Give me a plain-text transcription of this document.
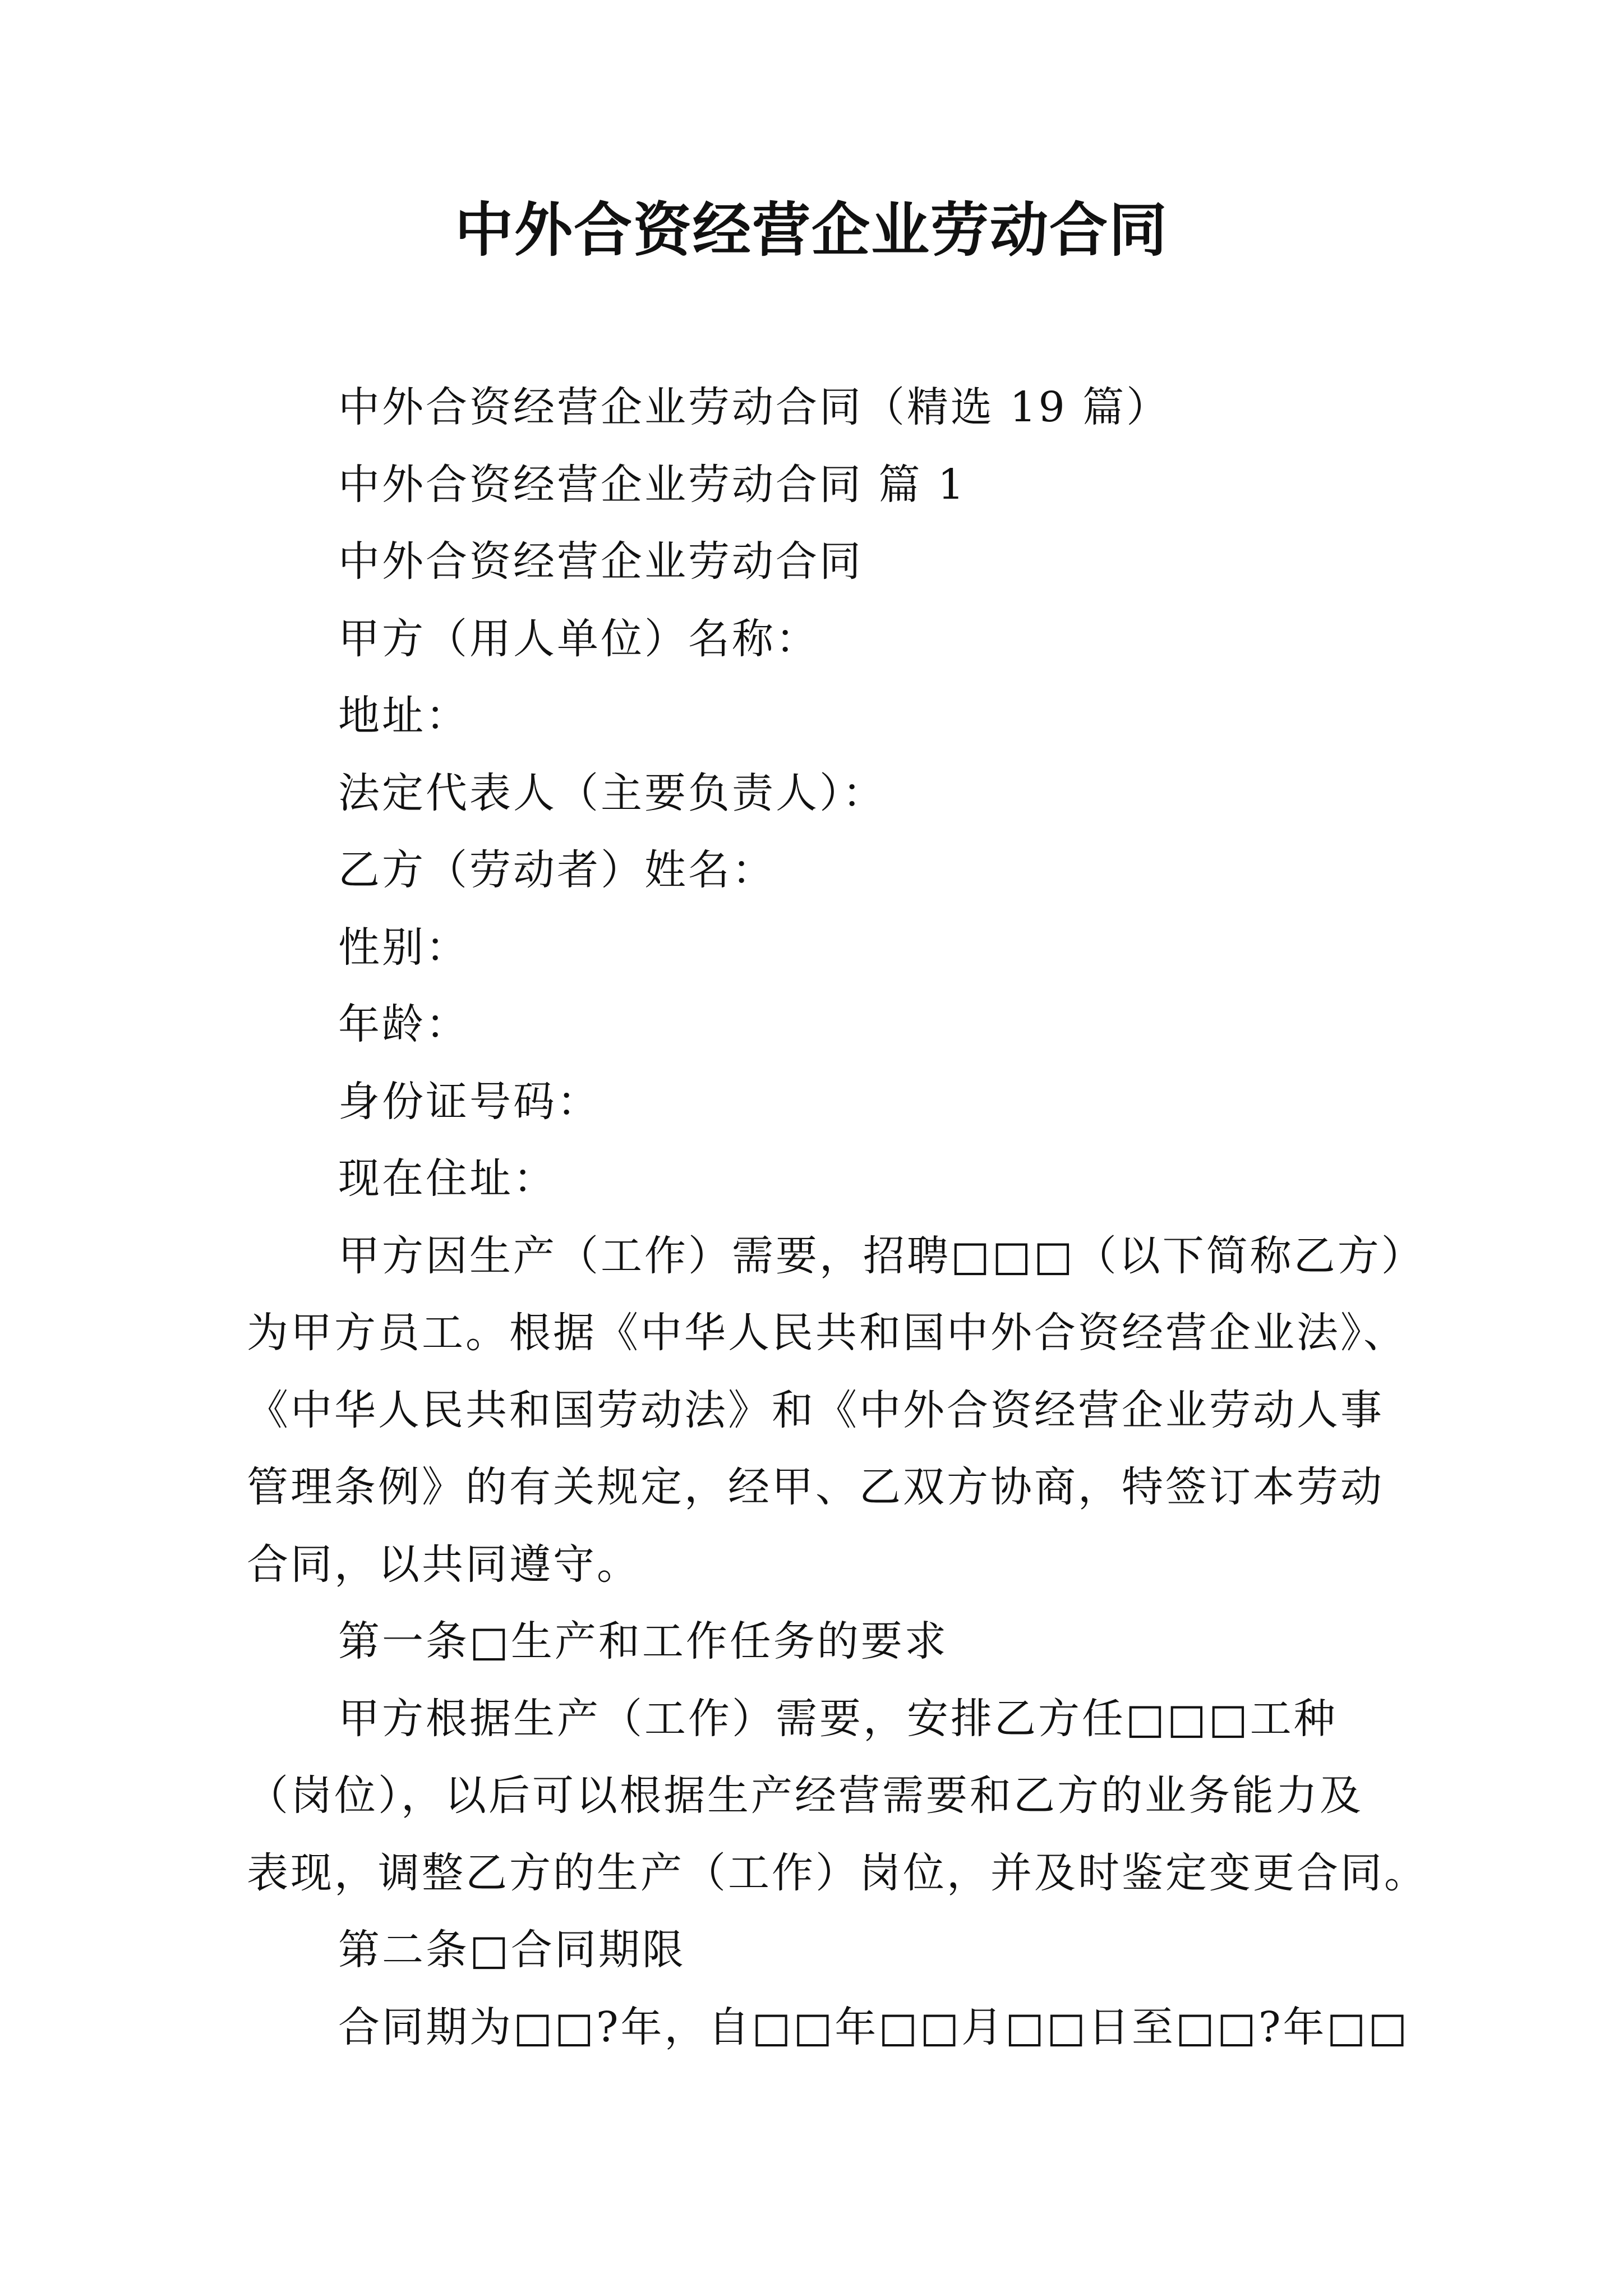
中外合资经营企业劳动合同
中外合资经营企业劳动合同（精选 19 篇）
中外合资经营企业劳动合同 篇 1
中外合资经营企业劳动合同
甲方（用人单位）名称：
地址：
法定代表人（主要负责人）：
乙方（劳动者）姓名：
性别：
年龄：
身份证号码：
现在住址：
甲方因生产（工作）需要，招聘□□□（以下简称乙方）
为甲方员工。根据《中华人民共和国中外合资经营企业法》、
《中华人民共和国劳动法》和《中外合资经营企业劳动人事
管理条例》的有关规定，经甲、乙双方协商，特签订本劳动
合同，以共同遵守。
第一条□生产和工作任务的要求
甲方根据生产（工作）需要，安排乙方任□□□工种
（岗位），以后可以根据生产经营需要和乙方的业务能力及
表现，调整乙方的生产（工作）岗位，并及时鉴定变更合同。
第二条□合同期限
合同期为□□?年，自□□年□□月□□日至□□?年□□
